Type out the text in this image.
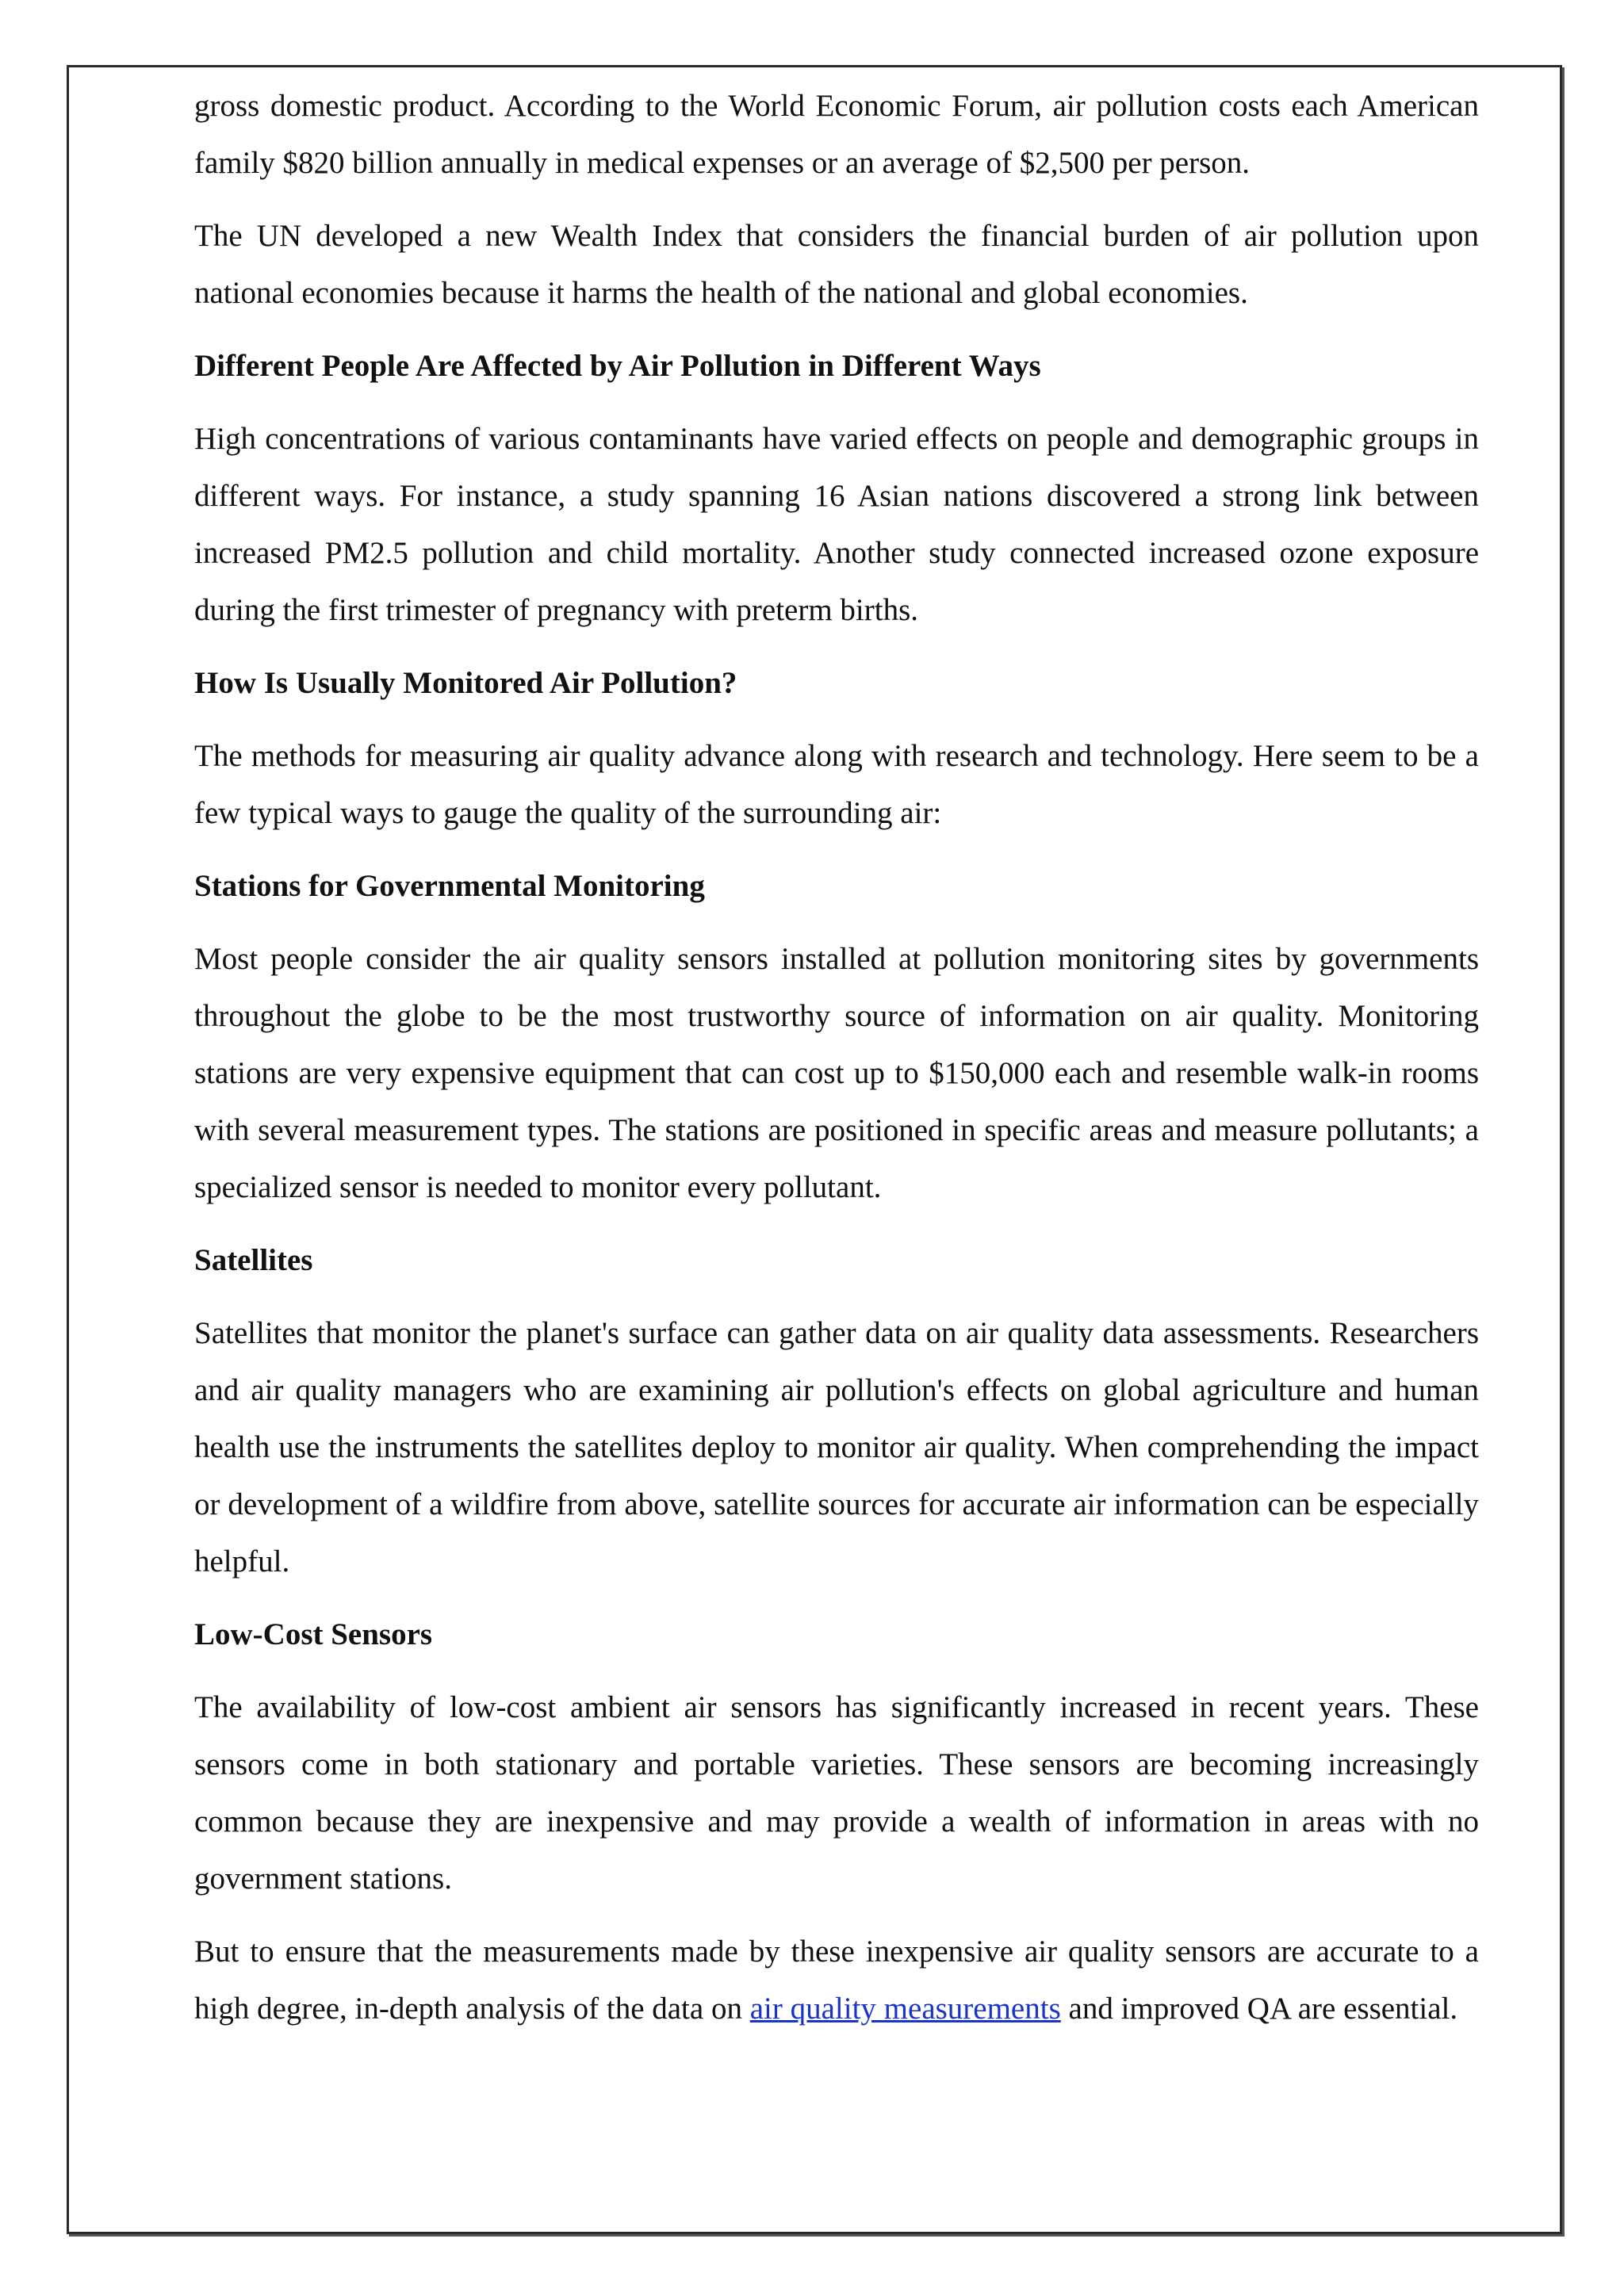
gross domestic product. According to the World Economic Forum, air pollution costs each American family $820 billion annually in medical expenses or an average of $2,500 per person.

The UN developed a new Wealth Index that considers the financial burden of air pollution upon national economies because it harms the health of the national and global economies.

Different People Are Affected by Air Pollution in Different Ways

High concentrations of various contaminants have varied effects on people and demographic groups in different ways. For instance, a study spanning 16 Asian nations discovered a strong link between increased PM2.5 pollution and child mortality. Another study connected increased ozone exposure during the first trimester of pregnancy with preterm births.

How Is Usually Monitored Air Pollution?

The methods for measuring air quality advance along with research and technology. Here seem to be a few typical ways to gauge the quality of the surrounding air:

Stations for Governmental Monitoring

Most people consider the air quality sensors installed at pollution monitoring sites by governments throughout the globe to be the most trustworthy source of information on air quality. Monitoring stations are very expensive equipment that can cost up to $150,000 each and resemble walk-in rooms with several measurement types. The stations are positioned in specific areas and measure pollutants; a specialized sensor is needed to monitor every pollutant.

Satellites

Satellites that monitor the planet's surface can gather data on air quality data assessments. Researchers and air quality managers who are examining air pollution's effects on global agriculture and human health use the instruments the satellites deploy to monitor air quality. When comprehending the impact or development of a wildfire from above, satellite sources for accurate air information can be especially helpful.

Low-Cost Sensors

The availability of low-cost ambient air sensors has significantly increased in recent years. These sensors come in both stationary and portable varieties. These sensors are becoming increasingly common because they are inexpensive and may provide a wealth of information in areas with no government stations.

But to ensure that the measurements made by these inexpensive air quality sensors are accurate to a high degree, in-depth analysis of the data on air quality measurements and improved QA are essential.
